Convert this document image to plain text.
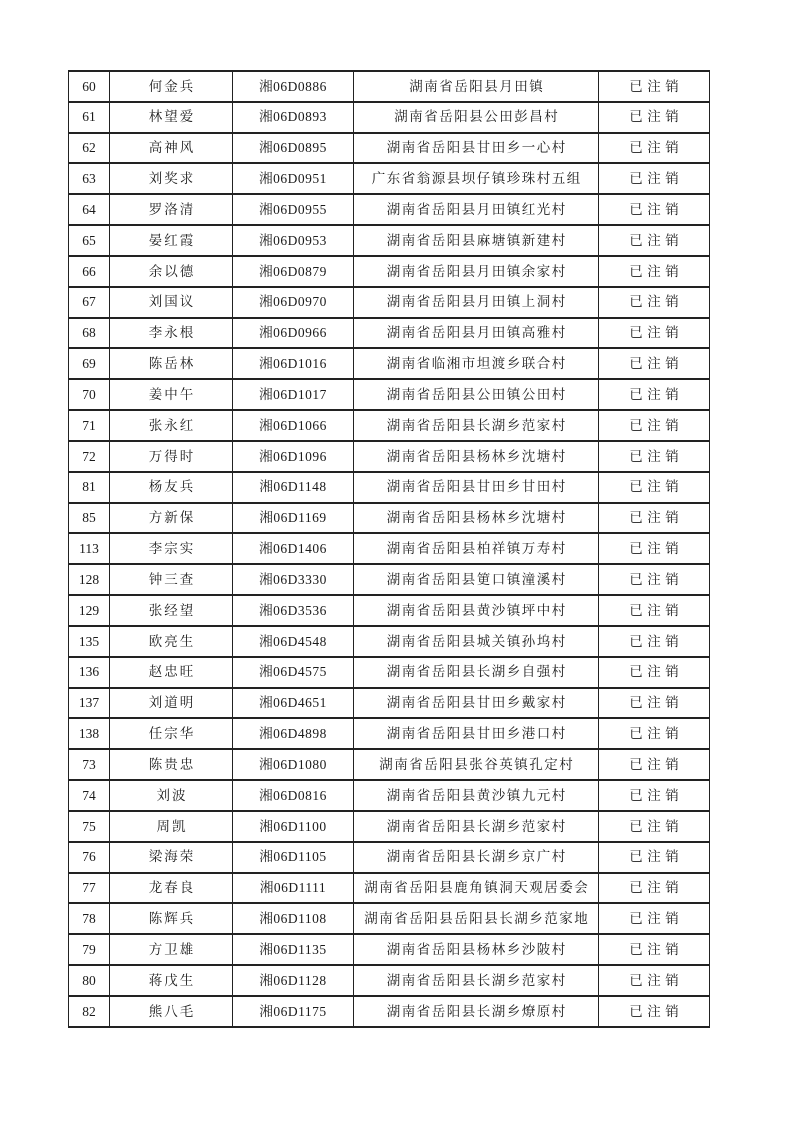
60	何金兵	湘06D0886	湖南省岳阳县月田镇	已注销
61	林望爱	湘06D0893	湖南省岳阳县公田彭昌村	已注销
62	高神风	湘06D0895	湖南省岳阳县甘田乡一心村	已注销
63	刘奖求	湘06D0951	广东省翁源县坝仔镇珍珠村五组	已注销
64	罗洛清	湘06D0955	湖南省岳阳县月田镇红光村	已注销
65	晏红霞	湘06D0953	湖南省岳阳县麻塘镇新建村	已注销
66	余以德	湘06D0879	湖南省岳阳县月田镇余家村	已注销
67	刘国议	湘06D0970	湖南省岳阳县月田镇上洞村	已注销
68	李永根	湘06D0966	湖南省岳阳县月田镇高雅村	已注销
69	陈岳林	湘06D1016	湖南省临湘市坦渡乡联合村	已注销
70	姜中午	湘06D1017	湖南省岳阳县公田镇公田村	已注销
71	张永红	湘06D1066	湖南省岳阳县长湖乡范家村	已注销
72	万得时	湘06D1096	湖南省岳阳县杨林乡沈塘村	已注销
81	杨友兵	湘06D1148	湖南省岳阳县甘田乡甘田村	已注销
85	方新保	湘06D1169	湖南省岳阳县杨林乡沈塘村	已注销
113	李宗实	湘06D1406	湖南省岳阳县柏祥镇万寿村	已注销
128	钟三查	湘06D3330	湖南省岳阳县筻口镇潼溪村	已注销
129	张经望	湘06D3536	湖南省岳阳县黄沙镇坪中村	已注销
135	欧亮生	湘06D4548	湖南省岳阳县城关镇孙坞村	已注销
136	赵忠旺	湘06D4575	湖南省岳阳县长湖乡自强村	已注销
137	刘道明	湘06D4651	湖南省岳阳县甘田乡戴家村	已注销
138	任宗华	湘06D4898	湖南省岳阳县甘田乡港口村	已注销
73	陈贵忠	湘06D1080	湖南省岳阳县张谷英镇孔定村	已注销
74	刘波	湘06D0816	湖南省岳阳县黄沙镇九元村	已注销
75	周凯	湘06D1100	湖南省岳阳县长湖乡范家村	已注销
76	梁海荣	湘06D1105	湖南省岳阳县长湖乡京广村	已注销
77	龙春良	湘06D1111	湖南省岳阳县鹿角镇洞天观居委会	已注销
78	陈辉兵	湘06D1108	湖南省岳阳县岳阳县长湖乡范家地	已注销
79	方卫雄	湘06D1135	湖南省岳阳县杨林乡沙陂村	已注销
80	蒋戊生	湘06D1128	湖南省岳阳县长湖乡范家村	已注销
82	熊八毛	湘06D1175	湖南省岳阳县长湖乡燎原村	已注销
